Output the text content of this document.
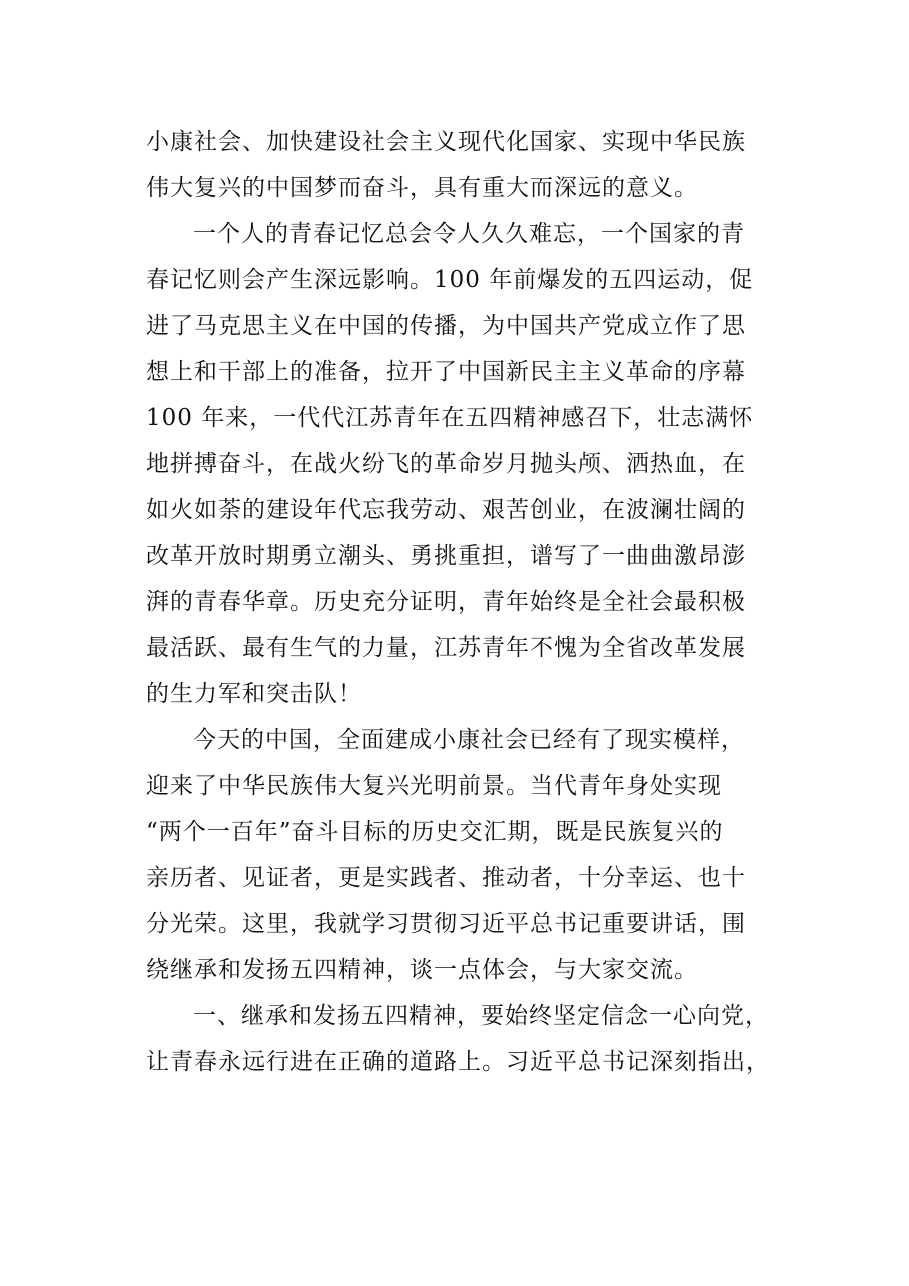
小康社会、加快建设社会主义现代化国家、实现中华民族
伟大复兴的中国梦而奋斗，具有重大而深远的意义。
一个人的青春记忆总会令人久久难忘，一个国家的青
春记忆则会产生深远影响。100 年前爆发的五四运动，促
进了马克思主义在中国的传播，为中国共产党成立作了思
想上和干部上的准备，拉开了中国新民主主义革命的序幕
100 年来，一代代江苏青年在五四精神感召下，壮志满怀
地拼搏奋斗，在战火纷飞的革命岁月抛头颅、洒热血，在
如火如荼的建设年代忘我劳动、艰苦创业，在波澜壮阔的
改革开放时期勇立潮头、勇挑重担，谱写了一曲曲激昂澎
湃的青春华章。历史充分证明，青年始终是全社会最积极
最活跃、最有生气的力量，江苏青年不愧为全省改革发展
的生力军和突击队！
今天的中国，全面建成小康社会已经有了现实模样，
迎来了中华民族伟大复兴光明前景。当代青年身处实现
“两个一百年”奋斗目标的历史交汇期，既是民族复兴的
亲历者、见证者，更是实践者、推动者，十分幸运、也十
分光荣。这里，我就学习贯彻习近平总书记重要讲话，围
绕继承和发扬五四精神，谈一点体会，与大家交流。
一、继承和发扬五四精神，要始终坚定信念一心向党，
让青春永远行进在正确的道路上。习近平总书记深刻指出，
